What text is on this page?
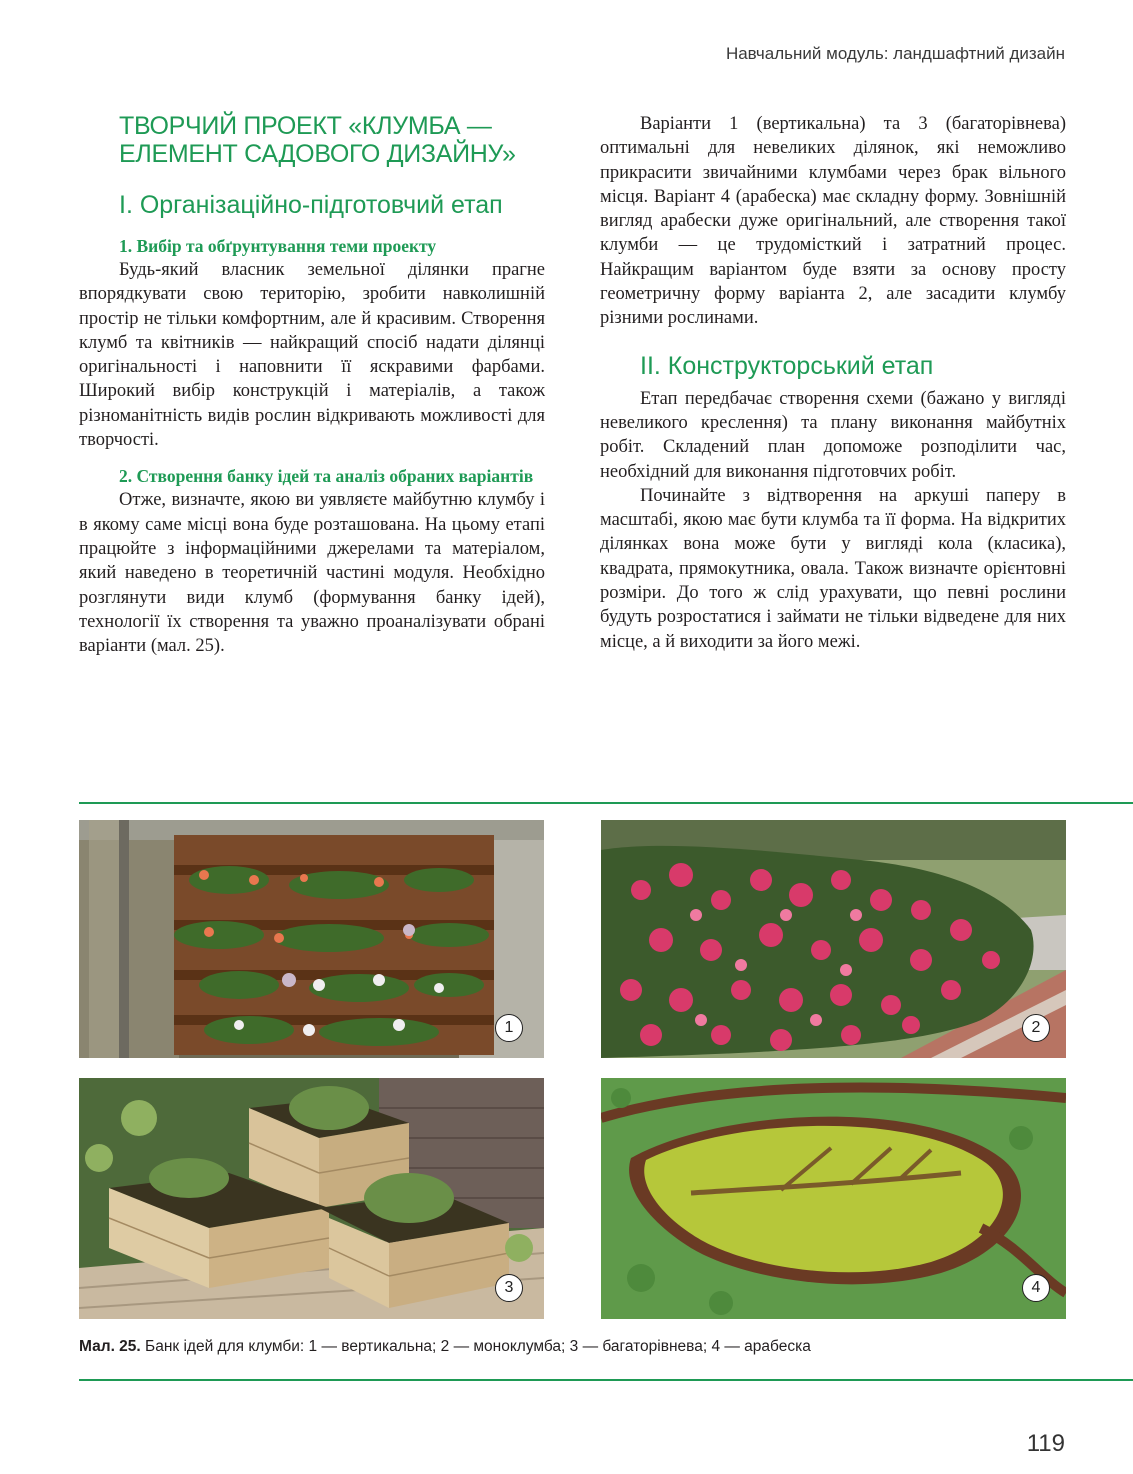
Навчальний модуль: ландшафтний дизайн
ТВОРЧИЙ ПРОЕКТ «КЛУМБА —
ЕЛЕМЕНТ САДОВОГО ДИЗАЙНУ»
I. Організаційно-підготовчий етап
1. Вибір та обґрунтування теми проекту

Будь-який власник земельної ділянки прагне впорядкувати свою територію, зробити навколишній простір не тільки комфортним, але й красивим. Створення клумб та квітників — найкращий спосіб надати ділянці оригінальності і наповнити її яскравими фарбами. Широкий вибір конструкцій і матеріалів, а також різноманітність видів рослин відкривають можливості для творчості.

2. Створення банку ідей та аналіз обраних варіантів

Отже, визначте, якою ви уявляєте майбутню клумбу і в якому саме місці вона буде розташована. На цьому етапі працюйте з інформаційними джерелами та матеріалом, який наведено в теоретичній частині модуля. Необхідно розглянути види клумб (формування банку ідей), технології їх створення та уважно проаналізувати обрані варіанти (мал. 25).

Варіанти 1 (вертикальна) та 3 (багаторівнева) оптимальні для невеликих ділянок, які неможливо прикрасити звичайними клумбами через брак вільного місця. Варіант 4 (арабеска) має складну форму. Зовнішній вигляд арабески дуже оригінальний, але створення такої клумби — це трудомісткий і затратний процес. Найкращим варіантом буде взяти за основу просту геометричну форму варіанта 2, але засадити клумбу різними рослинами.

II. Конструкторський етап

Етап передбачає створення схеми (бажано у вигляді невеликого креслення) та плану виконання майбутніх робіт. Складений план допоможе розподілити час, необхідний для виконання підготовчих робіт.

Починайте з відтворення на аркуші паперу в масштабі, якою має бути клумба та її форма. На відкритих ділянках вона може бути у вигляді кола (класика), квадрата, прямокутника, овала. Також визначте орієнтовні розміри. До того ж слід урахувати, що певні рослини будуть розростатися і займати не тільки відведене для них місце, а й виходити за його межі.

1	2
3	4
Мал. 25. Банк ідей для клумби: 1 — вертикальна; 2 — моноклумба; 3 — багаторівнева; 4 — арабеска
119
